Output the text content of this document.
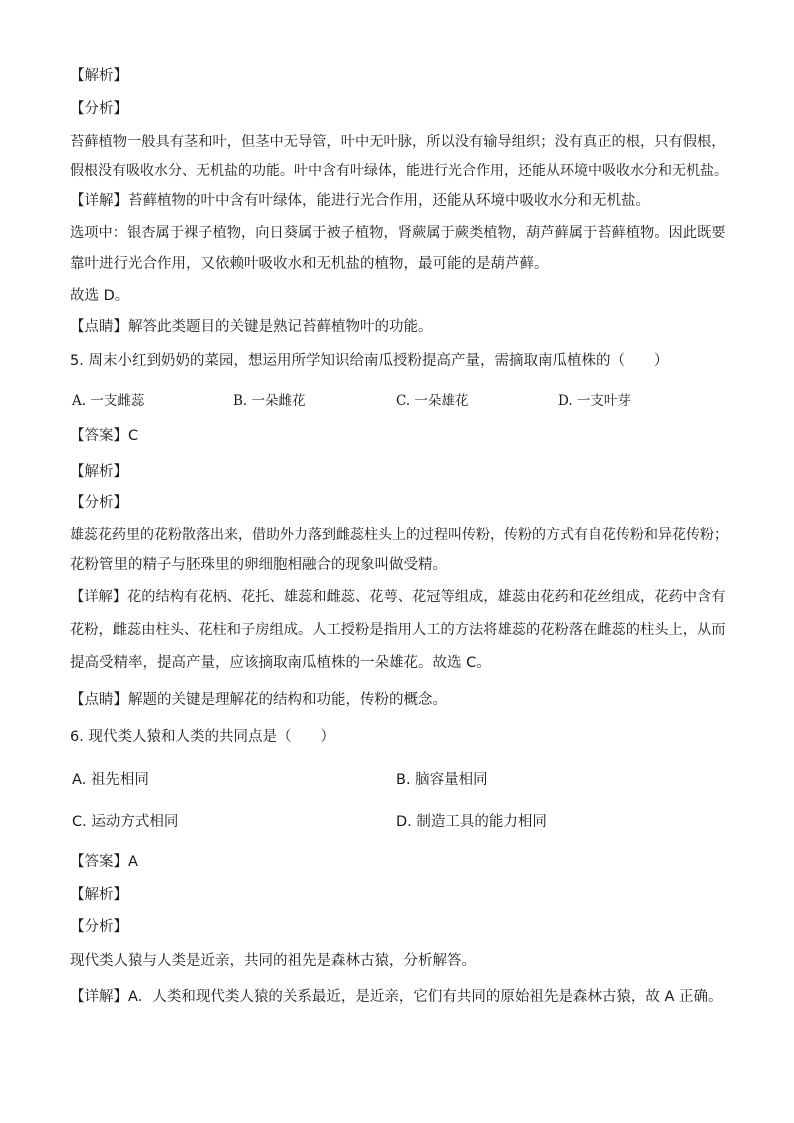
【解析】
【分析】
苔藓植物一般具有茎和叶，但茎中无导管，叶中无叶脉，所以没有输导组织；没有真正的根，只有假根，
假根没有吸收水分、无机盐的功能。叶中含有叶绿体，能进行光合作用，还能从环境中吸收水分和无机盐。
【详解】苔藓植物的叶中含有叶绿体，能进行光合作用，还能从环境中吸收水分和无机盐。
选项中：银杏属于裸子植物，向日葵属于被子植物，肾蕨属于蕨类植物，葫芦藓属于苔藓植物。因此既要
靠叶进行光合作用，又依赖叶吸收水和无机盐的植物，最可能的是葫芦藓。
故选 D。
【点睛】解答此类题目的关键是熟记苔藓植物叶的功能。
5. 周末小红到奶奶的菜园，想运用所学知识给南瓜授粉提高产量，需摘取南瓜植株的（　　）
A. 一支雌蕊	B. 一朵雌花	C. 一朵雄花	D. 一支叶芽
【答案】C
【解析】
【分析】
雄蕊花药里的花粉散落出来，借助外力落到雌蕊柱头上的过程叫传粉，传粉的方式有自花传粉和异花传粉；
花粉管里的精子与胚珠里的卵细胞相融合的现象叫做受精。
【详解】花的结构有花柄、花托、雄蕊和雌蕊、花萼、花冠等组成，雄蕊由花药和花丝组成，花药中含有
花粉，雌蕊由柱头、花柱和子房组成。人工授粉是指用人工的方法将雄蕊的花粉落在雌蕊的柱头上，从而
提高受精率，提高产量，应该摘取南瓜植株的一朵雄花。故选 C。
【点睛】解题的关键是理解花的结构和功能，传粉的概念。
6. 现代类人猿和人类的共同点是（　　）
A. 祖先相同	B. 脑容量相同
C. 运动方式相同	D. 制造工具的能力相同
【答案】A
【解析】
【分析】
现代类人猿与人类是近亲，共同的祖先是森林古猿，分析解答。
【详解】A．人类和现代类人猿的关系最近，是近亲，它们有共同的原始祖先是森林古猿，故 A 正确。
